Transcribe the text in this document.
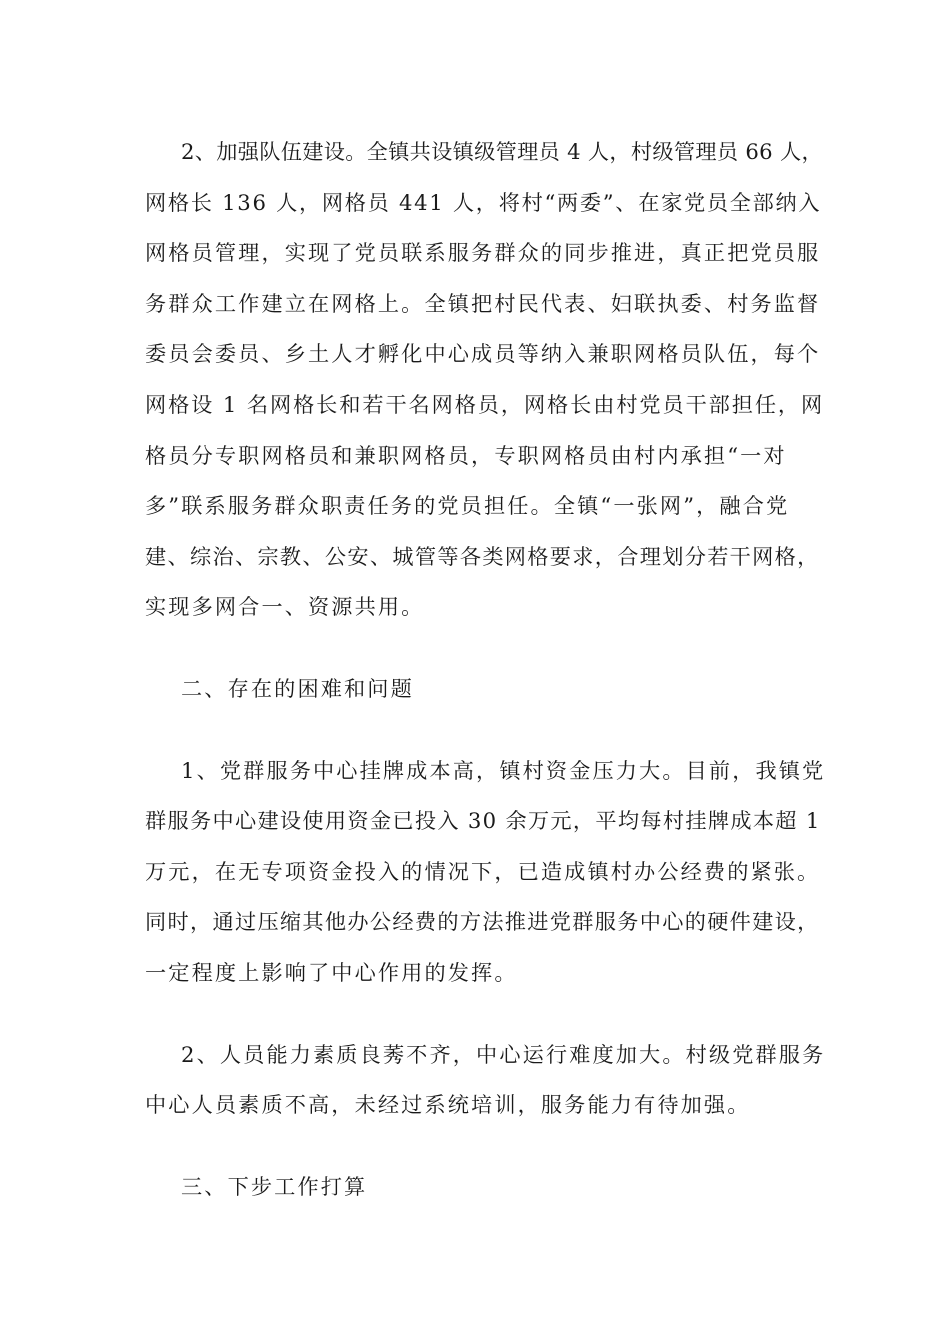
2、加强队伍建设。全镇共设镇级管理员 4 人，村级管理员 66 人，
网格长 136 人，网格员 441 人，将村“两委”、在家党员全部纳入
网格员管理，实现了党员联系服务群众的同步推进，真正把党员服
务群众工作建立在网格上。全镇把村民代表、妇联执委、村务监督
委员会委员、乡土人才孵化中心成员等纳入兼职网格员队伍，每个
网格设 1 名网格长和若干名网格员，网格长由村党员干部担任，网
格员分专职网格员和兼职网格员，专职网格员由村内承担“一对
多”联系服务群众职责任务的党员担任。全镇“一张网”，融合党
建、综治、宗教、公安、城管等各类网格要求，合理划分若干网格，
实现多网合一、资源共用。

二、存在的困难和问题

1、党群服务中心挂牌成本高，镇村资金压力大。目前，我镇党
群服务中心建设使用资金已投入 30 余万元，平均每村挂牌成本超 1
万元，在无专项资金投入的情况下，已造成镇村办公经费的紧张。
同时，通过压缩其他办公经费的方法推进党群服务中心的硬件建设，
一定程度上影响了中心作用的发挥。
2、人员能力素质良莠不齐，中心运行难度加大。村级党群服务
中心人员素质不高，未经过系统培训，服务能力有待加强。

三、下步工作打算
